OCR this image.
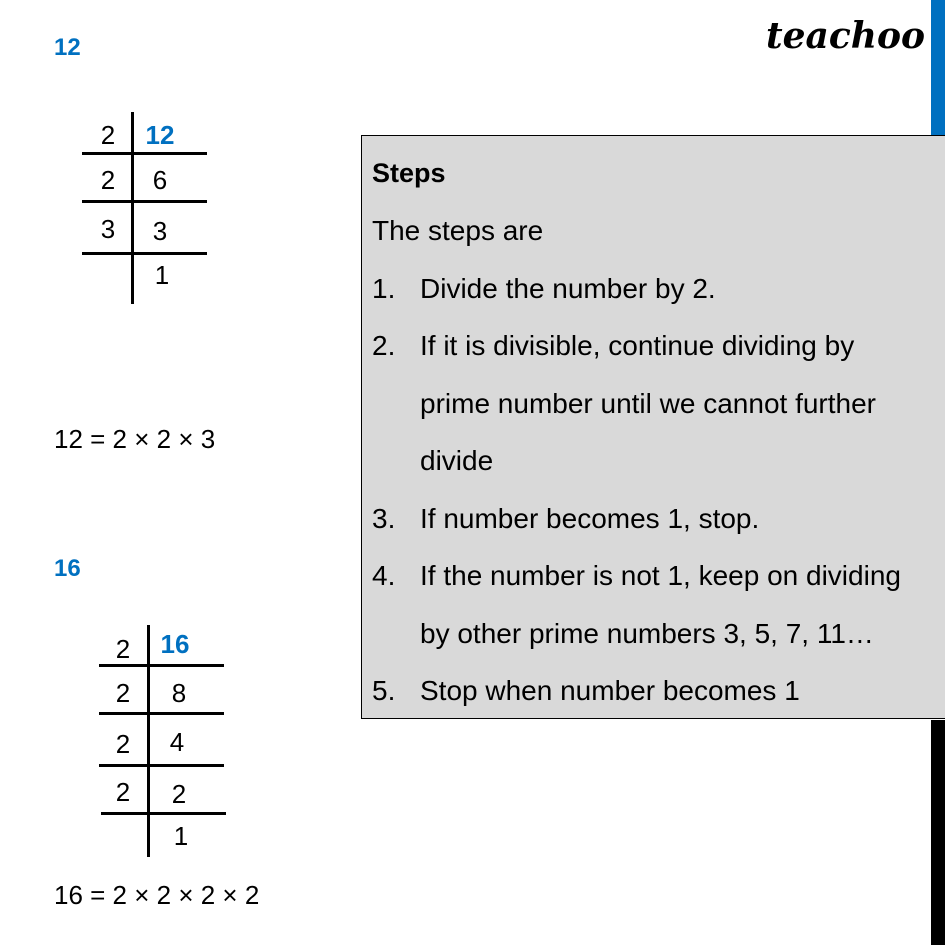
teachoo
12
2 12
2 6
3 3
1
12 = 2 × 2 × 3
16
2 16
2 8
2 4
2 2
1
16 = 2 × 2 × 2 × 2
Steps
The steps are
1. Divide the number by 2.
2. If it is divisible, continue dividing by
prime number until we cannot further
divide
3. If number becomes 1, stop.
4. If the number is not 1, keep on dividing
by other prime numbers 3, 5, 7, 11…
5. Stop when number becomes 1
